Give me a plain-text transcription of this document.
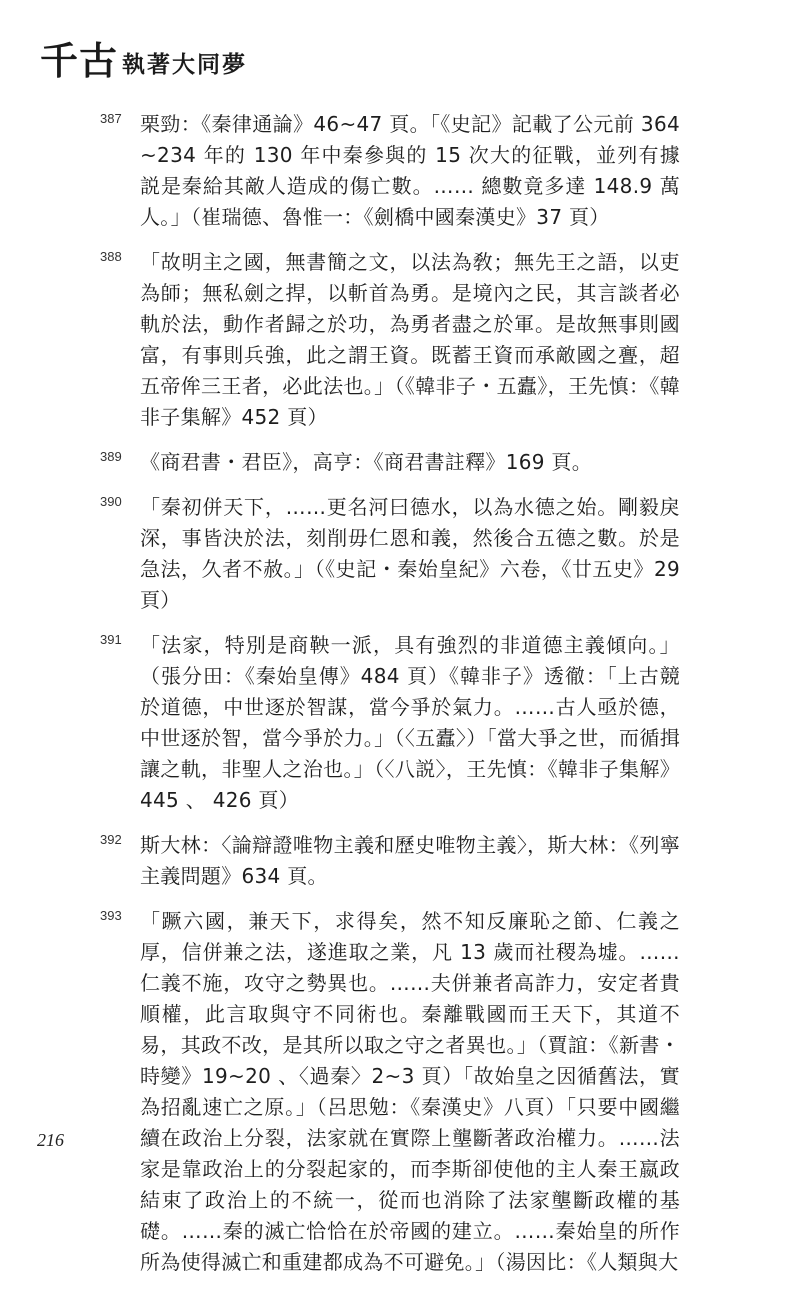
千古 執著大同夢
387 栗勁：《秦律通論》46~47 頁。「《史記》記載了公元前 364~234 年的 130 年中秦參與的 15 次大的征戰，並列有據説是秦給其敵人造成的傷亡數。…… 總數竟多達 148.9 萬人。」（崔瑞德、魯惟一：《劍橋中國秦漢史》37 頁）
388 「故明主之國，無書簡之文，以法為敎；無先王之語，以吏為師；無私劍之捍，以斬首為勇。是境內之民，其言談者必軌於法，動作者歸之於功，為勇者盡之於軍。是故無事則國富，有事則兵強，此之謂王資。既蓄王資而承敵國之亹，超五帝侔三王者，必此法也。」（《韓非子・五蠹》，王先慎：《韓非子集解》452 頁）
389 《商君書・君臣》，高亨：《商君書註釋》169 頁。
390 「秦初併天下，……更名河曰德水，以為水德之始。剛毅戾深，事皆決於法，刻削毋仁恩和義，然後合五德之數。於是急法，久者不赦。」（《史記・秦始皇紀》六卷，《廿五史》29 頁）
391 「法家，特別是商鞅一派，具有強烈的非道德主義傾向。」（張分田：《秦始皇傳》484 頁）《韓非子》透徹：「上古競於道德，中世逐於智謀，當今爭於氣力。……古人亟於德，中世逐於智，當今爭於力。」（〈五蠹〉）「當大爭之世，而循揖讓之軌，非聖人之治也。」（〈八説〉，王先慎：《韓非子集解》445 、 426 頁）
392 斯大林：〈論辯證唯物主義和歷史唯物主義〉，斯大林：《列寧主義問題》634 頁。
393 「蹶六國，兼天下，求得矣，然不知反廉恥之節、仁義之厚，信併兼之法，遂進取之業，凡 13 歲而社稷為墟。……仁義不施，攻守之勢異也。……夫併兼者高詐力，安定者貴順權，此言取與守不同術也。秦離戰國而王天下，其道不易，其政不改，是其所以取之守之者異也。」（賈誼：《新書・時變》19~20 、〈過秦〉2~3 頁）「故始皇之因循舊法，實為招亂速亡之原。」（呂思勉：《秦漢史》八頁）「只要中國繼續在政治上分裂，法家就在實際上壟斷著政治權力。……法家是靠政治上的分裂起家的，而李斯卻使他的主人秦王嬴政結束了政治上的不統一，從而也消除了法家壟斷政權的基礎。……秦的滅亡恰恰在於帝國的建立。……秦始皇的所作所為使得滅亡和重建都成為不可避免。」（湯因比：《人類與大
216
